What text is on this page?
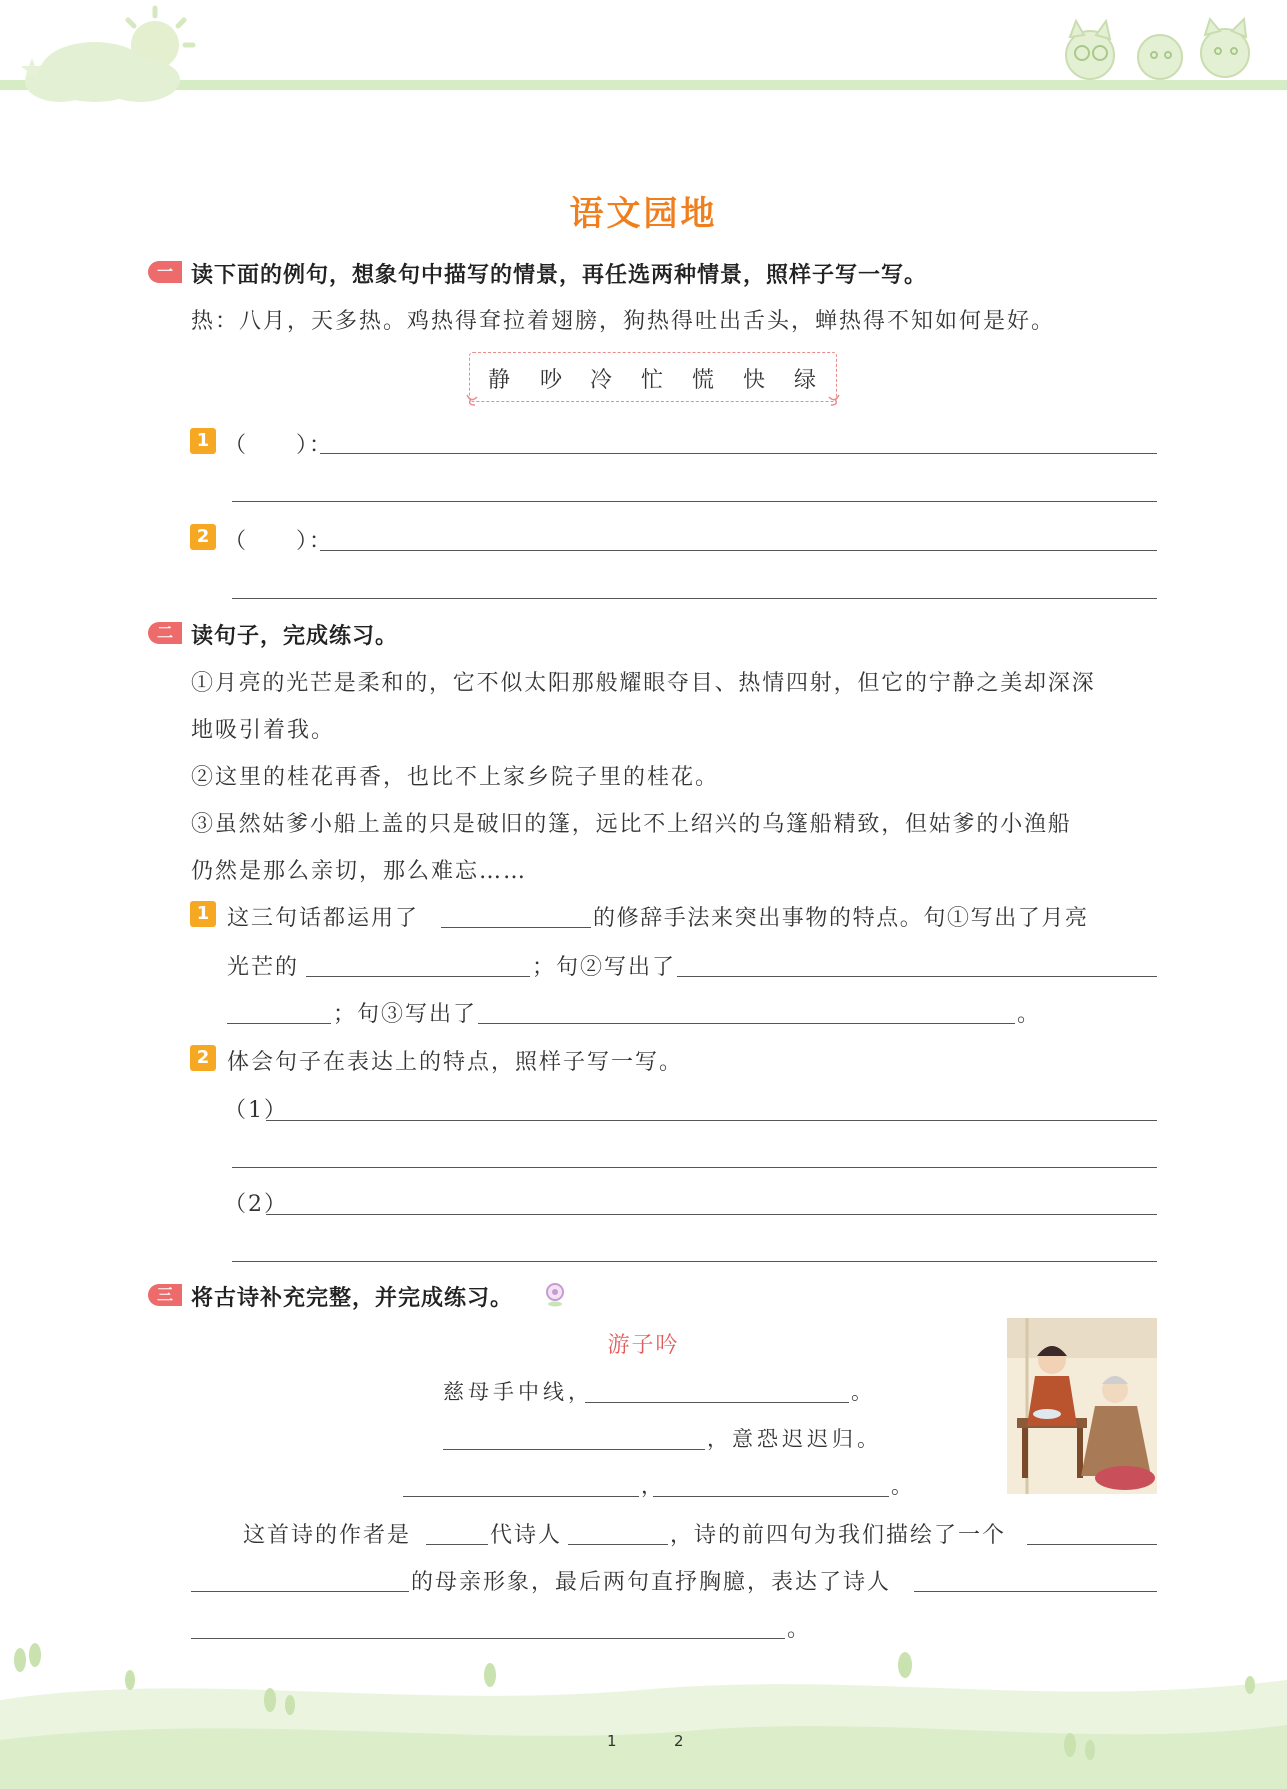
语文园地
一 读下面的例句，想象句中描写的情景，再任选两种情景，照样子写一写。
热：八月，天多热。鸡热得耷拉着翅膀，狗热得吐出舌头，蝉热得不知如何是好。
静 吵 冷 忙 慌 快 绿
1 （　　）：
2 （　　）：
二 读句子，完成练习。
①月亮的光芒是柔和的，它不似太阳那般耀眼夺目、热情四射，但它的宁静之美却深深
地吸引着我。
②这里的桂花再香，也比不上家乡院子里的桂花。
③虽然姑爹小船上盖的只是破旧的篷，远比不上绍兴的乌篷船精致，但姑爹的小渔船
仍然是那么亲切，那么难忘……
1 这三句话都运用了	的修辞手法来突出事物的特点。句①写出了月亮
光芒的	；句②写出了
；句③写出了	。
2 体会句子在表达上的特点，照样子写一写。
（1）
（2）
三 将古诗补充完整，并完成练习。
游子吟
慈母手中线，	。
，意恐迟迟归。
，	。
这首诗的作者是	代诗人	，诗的前四句为我们描绘了一个
的母亲形象，最后两句直抒胸臆，表达了诗人
。
1	2
